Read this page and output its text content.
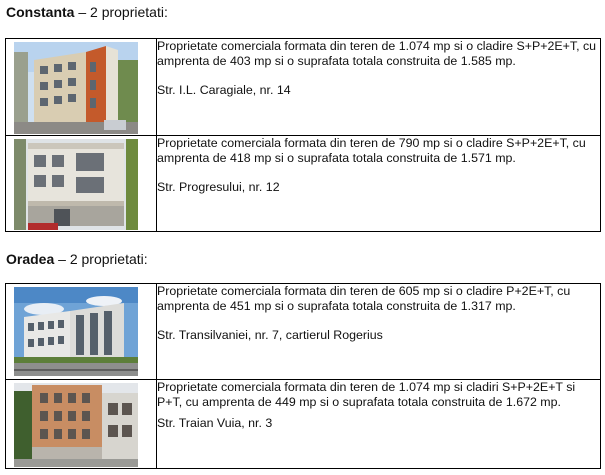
Constanta – 2 proprietati:

Proprietate comerciala formata din teren de 1.074 mp si o cladire S+P+2E+T, cu amprenta de 403 mp si o suprafata totala construita de 1.585 mp.

Str. I.L. Caragiale, nr. 14

Proprietate comerciala formata din teren de 790 mp si o cladire S+P+2E+T, cu amprenta de 418 mp si o suprafata totala construita de 1.571 mp.

Str. Progresului, nr. 12

Oradea – 2 proprietati:

Proprietate comerciala formata din teren de 605 mp si o cladire P+2E+T, cu amprenta de 451 mp si o suprafata totala construita de 1.317 mp.

Str. Transilvaniei, nr. 7, cartierul Rogerius

Proprietate comerciala formata din teren de 1.074 mp si cladiri S+P+2E+T si P+T, cu amprenta de 449 mp si o suprafata totala construita de 1.672 mp.

Str. Traian Vuia, nr. 3
